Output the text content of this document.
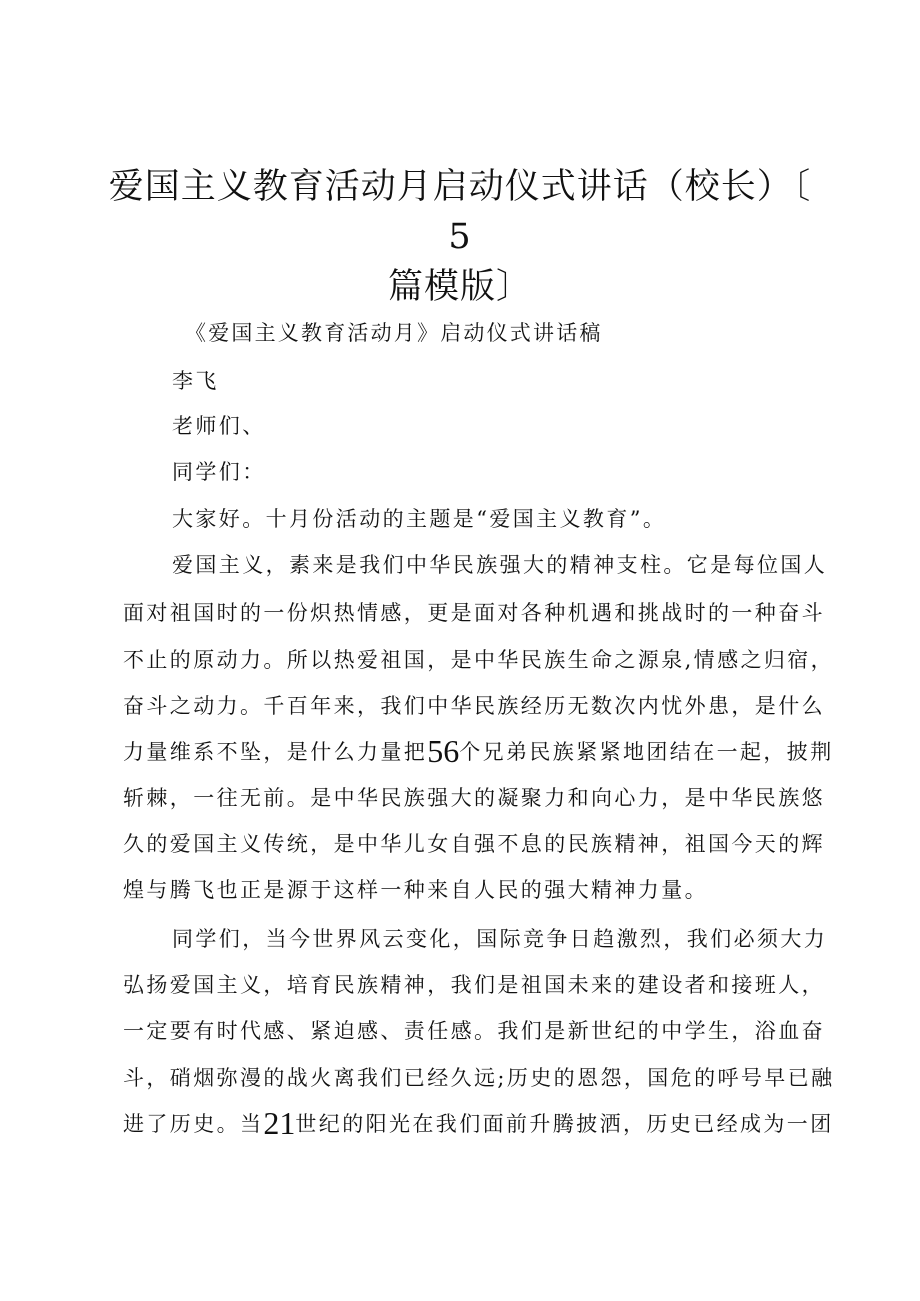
爱国主义教育活动月启动仪式讲话（校长）〔
5
篇模版〕
《爱国主义教育活动月》启动仪式讲话稿
李飞
老师们、
同学们：
大家好。十月份活动的主题是“爱国主义教育”。
爱国主义，素来是我们中华民族强大的精神支柱。它是每位国人
面对祖国时的一份炽热情感，更是面对各种机遇和挑战时的一种奋斗
不止的原动力。所以热爱祖国，是中华民族生命之源泉,情感之归宿，
奋斗之动力。千百年来，我们中华民族经历无数次内忧外患，是什么
力量维系不坠，是什么力量把56个兄弟民族紧紧地团结在一起，披荆
斩棘，一往无前。是中华民族强大的凝聚力和向心力，是中华民族悠
久的爱国主义传统，是中华儿女自强不息的民族精神，祖国今天的辉
煌与腾飞也正是源于这样一种来自人民的强大精神力量。
同学们，当今世界风云变化，国际竞争日趋激烈，我们必须大力
弘扬爱国主义，培育民族精神，我们是祖国未来的建设者和接班人，
一定要有时代感、紧迫感、责任感。我们是新世纪的中学生，浴血奋
斗，硝烟弥漫的战火离我们已经久远;历史的恩怨，国危的呼号早已融
进了历史。当21世纪的阳光在我们面前升腾披洒，历史已经成为一团
